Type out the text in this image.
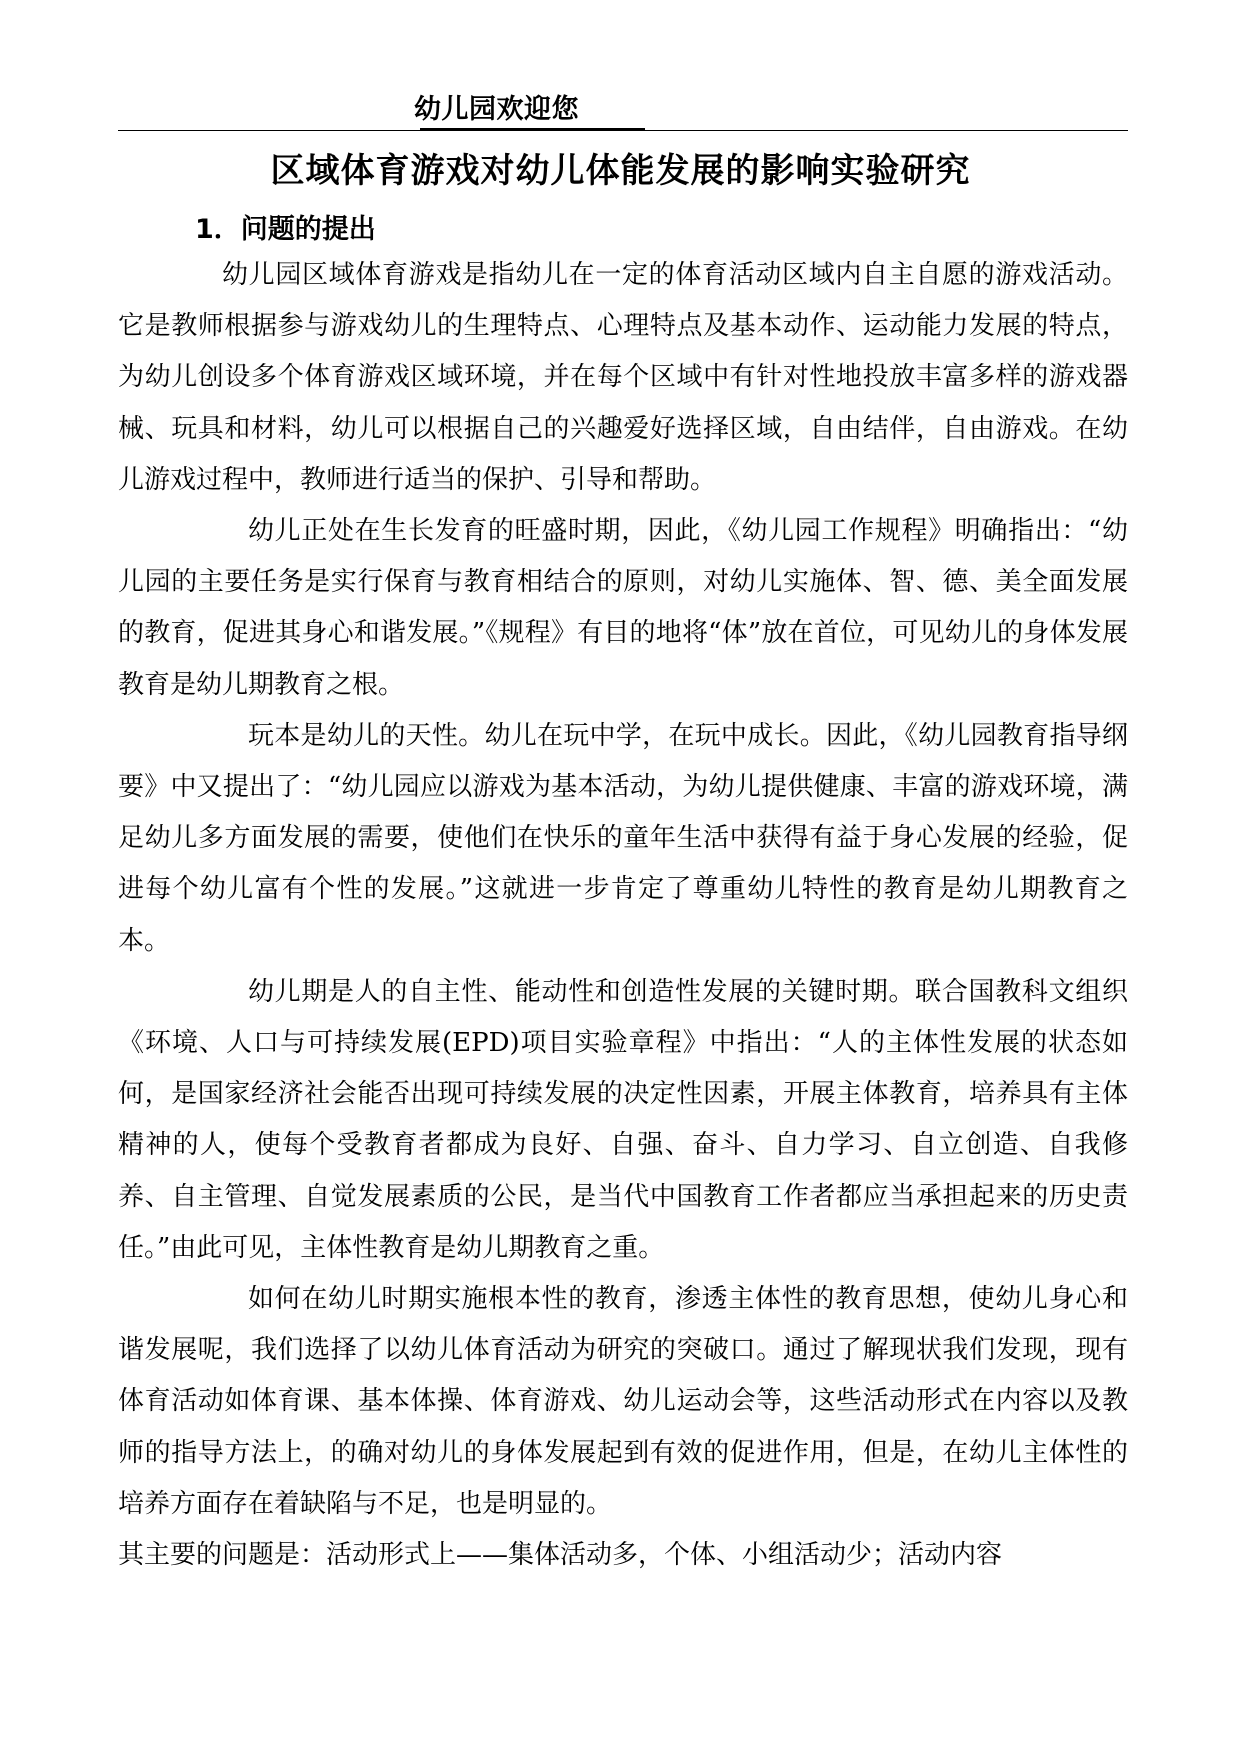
幼儿园欢迎您
区域体育游戏对幼儿体能发展的影响实验研究
1．问题的提出

幼儿园区域体育游戏是指幼儿在一定的体育活动区域内自主自愿的游戏活动。它是教师根据参与游戏幼儿的生理特点、心理特点及基本动作、运动能力发展的特点，为幼儿创设多个体育游戏区域环境，并在每个区域中有针对性地投放丰富多样的游戏器械、玩具和材料，幼儿可以根据自己的兴趣爱好选择区域，自由结伴，自由游戏。在幼儿游戏过程中，教师进行适当的保护、引导和帮助。

幼儿正处在生长发育的旺盛时期，因此，《幼儿园工作规程》明确指出：“幼儿园的主要任务是实行保育与教育相结合的原则，对幼儿实施体、智、德、美全面发展的教育，促进其身心和谐发展。”《规程》有目的地将“体”放在首位，可见幼儿的身体发展教育是幼儿期教育之根。

玩本是幼儿的天性。幼儿在玩中学，在玩中成长。因此，《幼儿园教育指导纲要》中又提出了：“幼儿园应以游戏为基本活动，为幼儿提供健康、丰富的游戏环境，满足幼儿多方面发展的需要，使他们在快乐的童年生活中获得有益于身心发展的经验，促进每个幼儿富有个性的发展。”这就进一步肯定了尊重幼儿特性的教育是幼儿期教育之本。

幼儿期是人的自主性、能动性和创造性发展的关键时期。联合国教科文组织《环境、人口与可持续发展(EPD)项目实验章程》中指出：“人的主体性发展的状态如何，是国家经济社会能否出现可持续发展的决定性因素，开展主体教育，培养具有主体精神的人，使每个受教育者都成为良好、自强、奋斗、自力学习、自立创造、自我修养、自主管理、自觉发展素质的公民，是当代中国教育工作者都应当承担起来的历史责任。”由此可见，主体性教育是幼儿期教育之重。

如何在幼儿时期实施根本性的教育，渗透主体性的教育思想，使幼儿身心和谐发展呢，我们选择了以幼儿体育活动为研究的突破口。通过了解现状我们发现，现有体育活动如体育课、基本体操、体育游戏、幼儿运动会等，这些活动形式在内容以及教师的指导方法上，的确对幼儿的身体发展起到有效的促进作用，但是，在幼儿主体性的培养方面存在着缺陷与不足，也是明显的。

其主要的问题是：活动形式上——集体活动多，个体、小组活动少；活动内容
